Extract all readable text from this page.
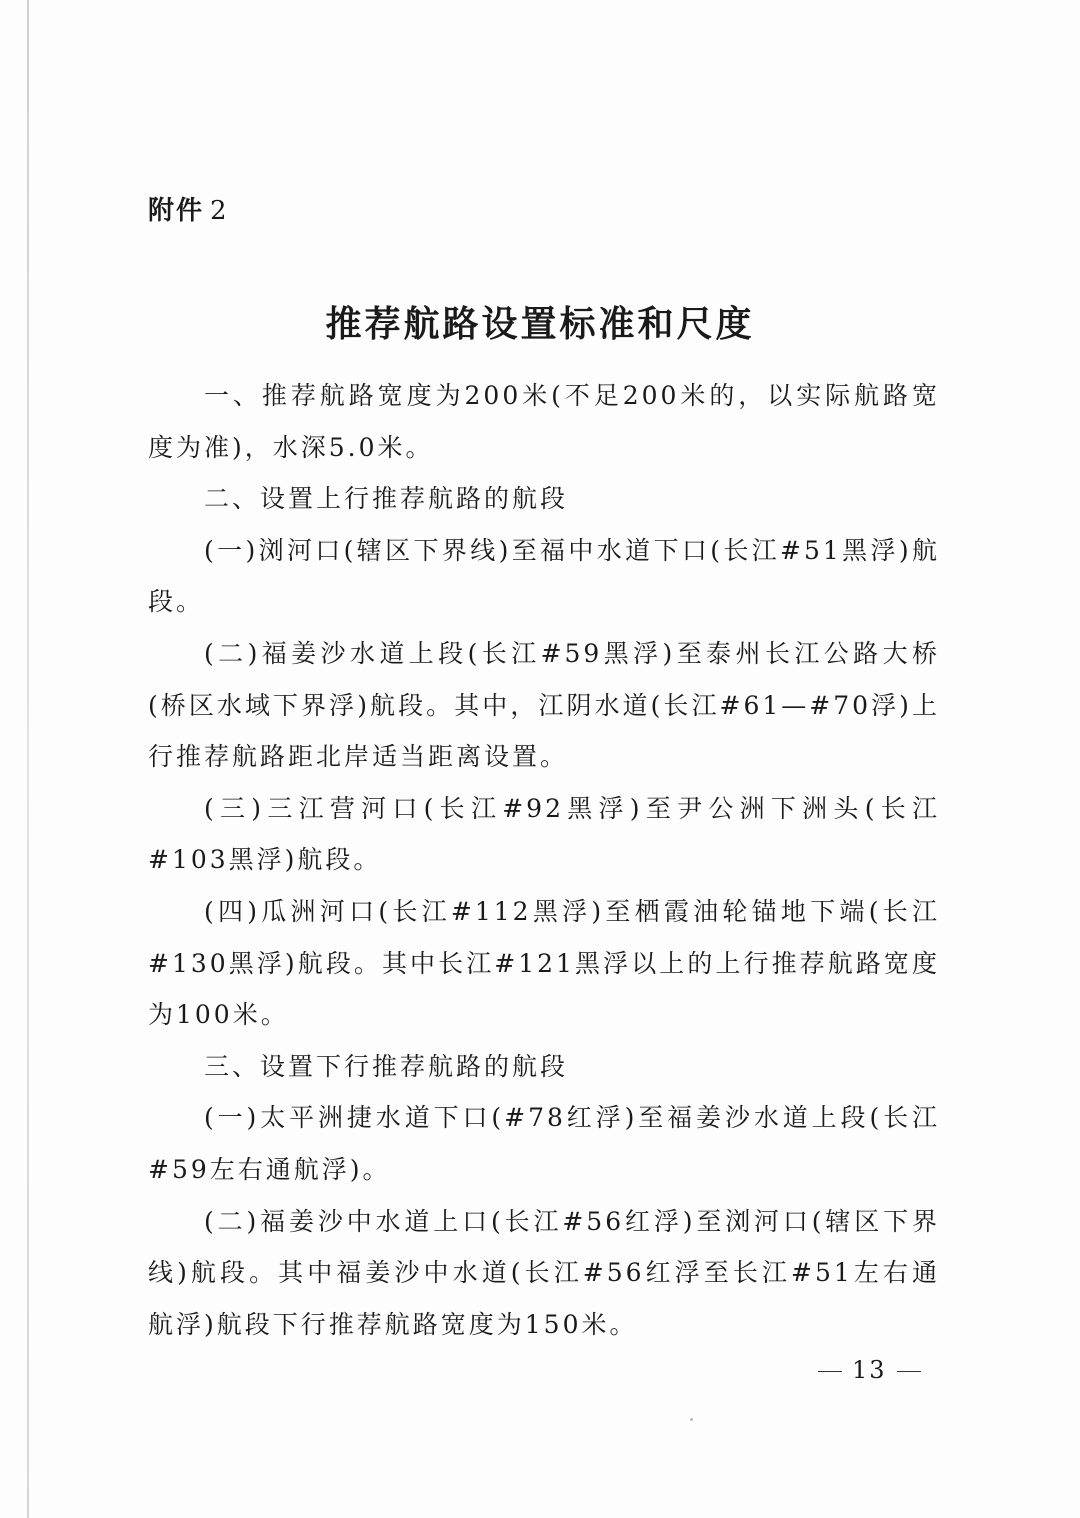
附件 2
推荐航路设置标准和尺度

一、推荐航路宽度为200米(不足200米的，以实际航路宽度为准)，水深5.0米。

二、设置上行推荐航路的航段

(一)浏河口(辖区下界线)至福中水道下口(长江#51黑浮)航段。

(二)福姜沙水道上段(长江#59黑浮)至泰州长江公路大桥(桥区水域下界浮)航段。其中，江阴水道(长江#61—#70浮)上行推荐航路距北岸适当距离设置。

(三)三江营河口(长江#92黑浮)至尹公洲下洲头(长江#103黑浮)航段。

(四)瓜洲河口(长江#112黑浮)至栖霞油轮锚地下端(长江#130黑浮)航段。其中长江#121黑浮以上的上行推荐航路宽度为100米。

三、设置下行推荐航路的航段

(一)太平洲捷水道下口(#78红浮)至福姜沙水道上段(长江#59左右通航浮)。

(二)福姜沙中水道上口(长江#56红浮)至浏河口(辖区下界线)航段。其中福姜沙中水道(长江#56红浮至长江#51左右通航浮)航段下行推荐航路宽度为150米。

13
